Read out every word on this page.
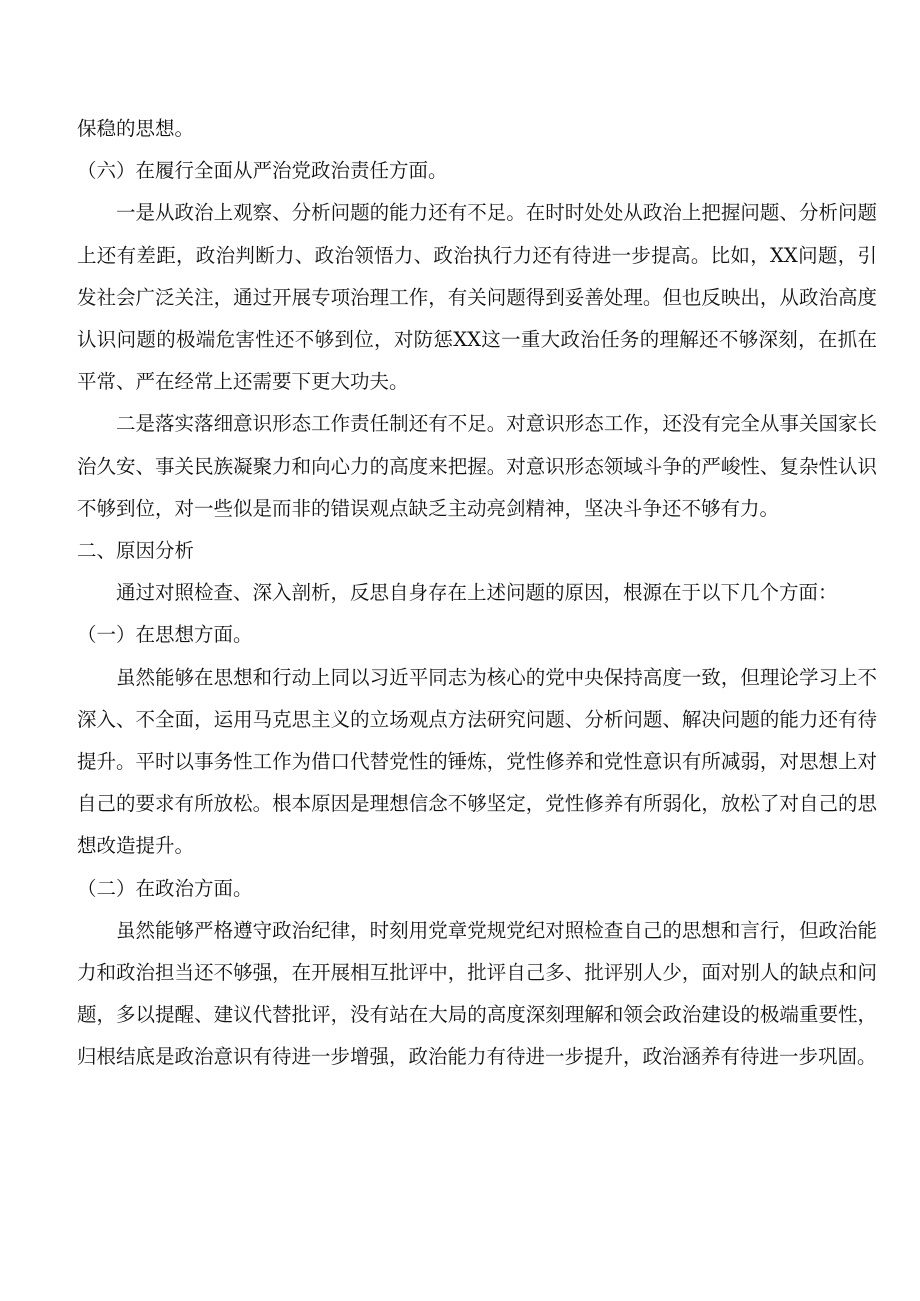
保稳的思想。

（六）在履行全面从严治党政治责任方面。

一是从政治上观察、分析问题的能力还有不足。在时时处处从政治上把握问题、分析问题上还有差距，政治判断力、政治领悟力、政治执行力还有待进一步提高。比如，XX问题，引发社会广泛关注，通过开展专项治理工作，有关问题得到妥善处理。但也反映出，从政治高度认识问题的极端危害性还不够到位，对防惩XX这一重大政治任务的理解还不够深刻，在抓在平常、严在经常上还需要下更大功夫。

二是落实落细意识形态工作责任制还有不足。对意识形态工作，还没有完全从事关国家长治久安、事关民族凝聚力和向心力的高度来把握。对意识形态领域斗争的严峻性、复杂性认识不够到位，对一些似是而非的错误观点缺乏主动亮剑精神，坚决斗争还不够有力。

二、原因分析

通过对照检查、深入剖析，反思自身存在上述问题的原因，根源在于以下几个方面：

（一）在思想方面。

虽然能够在思想和行动上同以习近平同志为核心的党中央保持高度一致，但理论学习上不深入、不全面，运用马克思主义的立场观点方法研究问题、分析问题、解决问题的能力还有待提升。平时以事务性工作为借口代替党性的锤炼，党性修养和党性意识有所减弱，对思想上对自己的要求有所放松。根本原因是理想信念不够坚定，党性修养有所弱化，放松了对自己的思想改造提升。

（二）在政治方面。

虽然能够严格遵守政治纪律，时刻用党章党规党纪对照检查自己的思想和言行，但政治能力和政治担当还不够强，在开展相互批评中，批评自己多、批评别人少，面对别人的缺点和问题，多以提醒、建议代替批评，没有站在大局的高度深刻理解和领会政治建设的极端重要性，归根结底是政治意识有待进一步增强，政治能力有待进一步提升，政治涵养有待进一步巩固。
